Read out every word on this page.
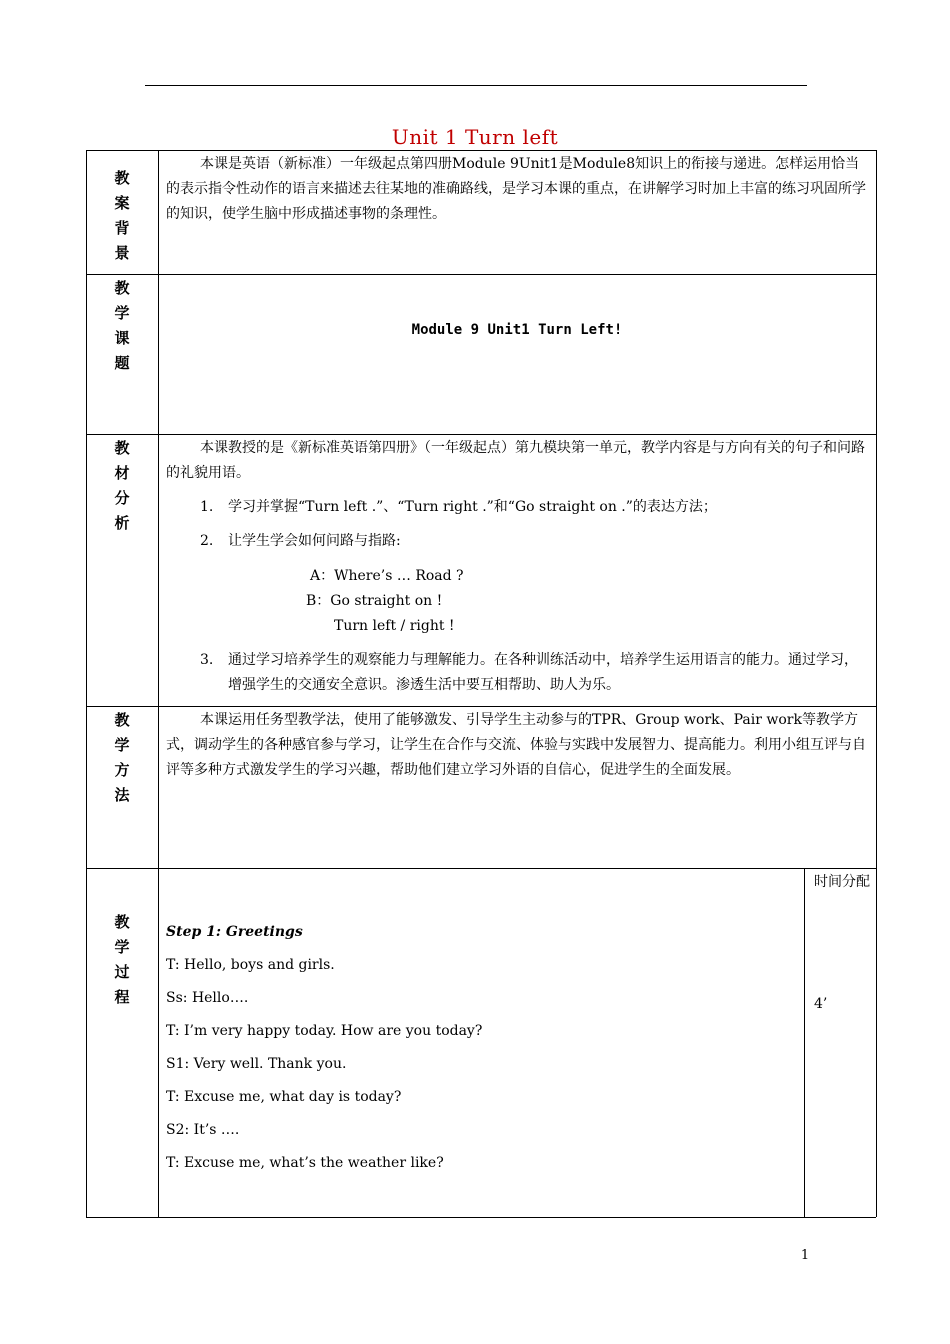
Unit 1 Turn left
教
案
背
景
本课是英语（新标准）一年级起点第四册Module 9Unit1是Module8知识上的衔接与递进。怎样运用恰当的表示指令性动作的语言来描述去往某地的准确路线，是学习本课的重点，在讲解学习时加上丰富的练习巩固所学的知识，使学生脑中形成描述事物的条理性。
教
学
课
题
Module 9 Unit1 Turn Left!
教
材
分
析
本课教授的是《新标准英语第四册》（一年级起点）第九模块第一单元，教学内容是与方向有关的句子和问路的礼貌用语。
1. 学习并掌握“Turn left .”、“Turn right .”和“Go straight on .”的表达方法；
2. 让学生学会如何问路与指路:
A：Where’s … Road ?
B：Go straight on !
Turn left / right !
3. 通过学习培养学生的观察能力与理解能力。在各种训练活动中，培养学生运用语言的能力。通过学习，增强学生的交通安全意识。渗透生活中要互相帮助、助人为乐。
教
学
方
法
本课运用任务型教学法，使用了能够激发、引导学生主动参与的TPR、Group work、Pair work等教学方式，调动学生的各种感官参与学习，让学生在合作与交流、体验与实践中发展智力、提高能力。利用小组互评与自评等多种方式激发学生的学习兴趣，帮助他们建立学习外语的自信心，促进学生的全面发展。
教
学
过
程
时间分配
4’
Step 1: Greetings
T: Hello, boys and girls.
Ss: Hello….
T: I’m very happy today. How are you today?
S1: Very well. Thank you.
T: Excuse me, what day is today?
S2: It’s ….
T: Excuse me, what’s the weather like?
1
